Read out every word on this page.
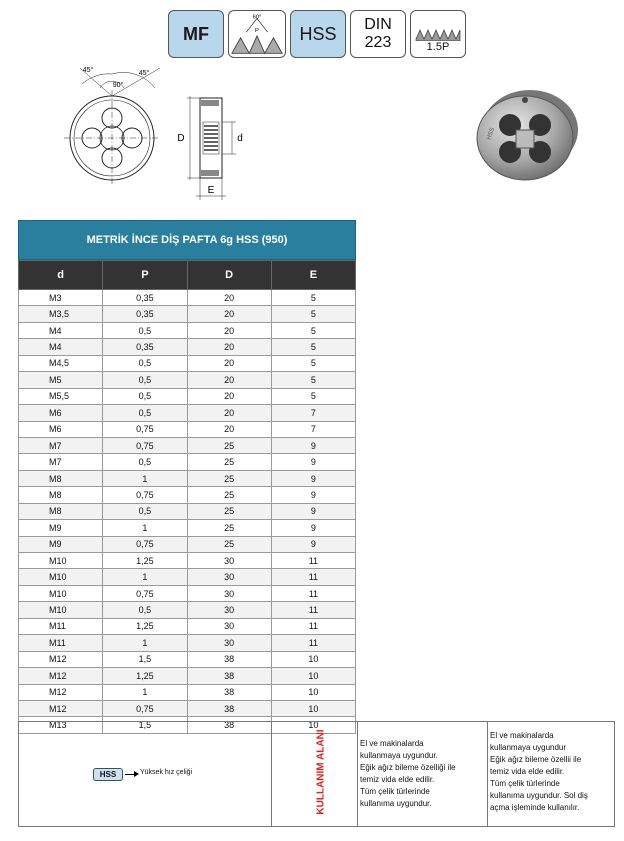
MF
60°
P HSS DIN
223	1.5P
45°	45°
90°
D	d
E
HSS
METRİK İNCE DİŞ PAFTA 6g HSS (950)
d	P	D	E
M3	0,35	20	5
M3,5	0,35	20	5
M4	0,5	20	5
M4	0,35	20	5
M4,5	0,5	20	5
M5	0,5	20	5
M5,5	0,5	20	5
M6	0,5	20	7
M6	0,75	20	7
M7	0,75	25	9
M7	0,5	25	9
M8	1	25	9
M8	0,75	25	9
M8	0,5	25	9
M9	1	25	9
M9	0,75	25	9
M10	1,25	30	11
M10	1	30	11
M10	0,75	30	11
M10	0,5	30	11
M11	1,25	30	11
M11	1	30	11
M12	1,5	38	10
M12	1,25	38	10
M12	1	38	10
M12	0,75	38	10
M13	1,5	38	10
HSS	Yüksek hız çeliği	KULLANIM ALANI	El ve makinalarda
kullanmaya uygundur.
Eğik ağız bileme özelliği ile
temiz vida elde edilir.
Tüm çelik türlerinde
kullanıma uygundur.
El ve makinalarda
kullanmaya uygundur
Eğik ağız bileme özellii ile
temiz vida elde edilir.
Tüm çelik türlerinde
kullanıma uygundur. Sol diş
açma işleminde kullanılır.
